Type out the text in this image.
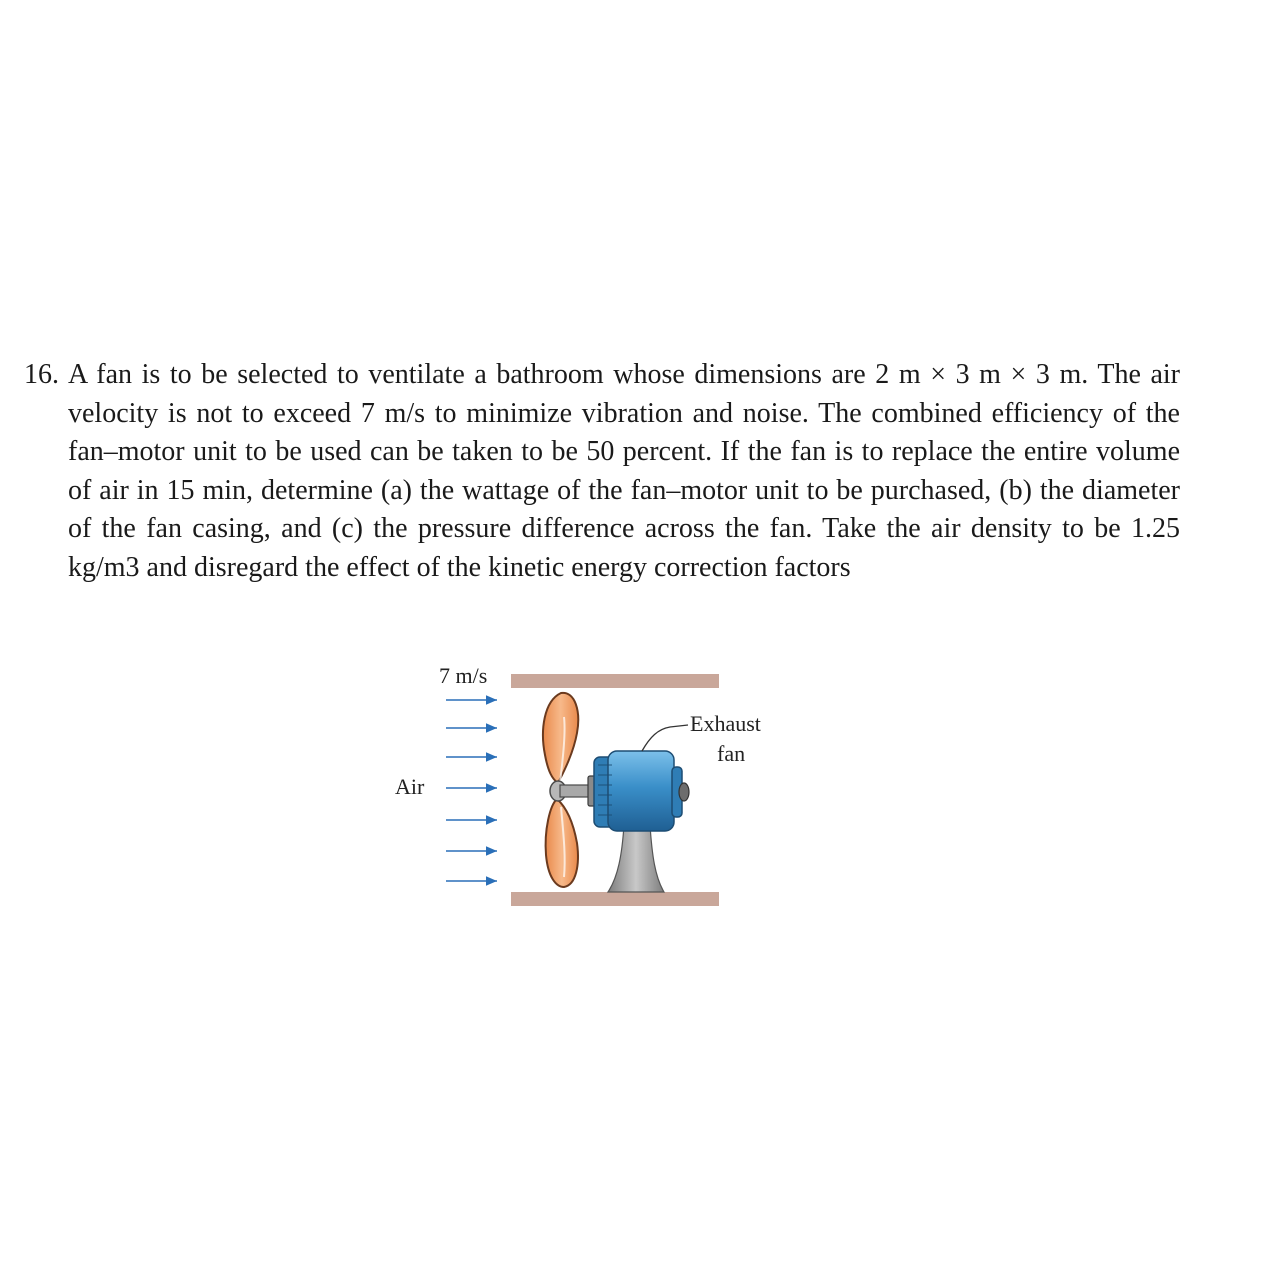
16. A fan is to be selected to ventilate a bathroom whose dimensions are 2 m × 3 m × 3 m. The air velocity is not to exceed 7 m/s to minimize vibration and noise. The combined efficiency of the fan–motor unit to be used can be taken to be 50 percent. If the fan is to replace the entire volume of air in 15 min, determine (a) the wattage of the fan–motor unit to be purchased, (b) the diameter of the fan casing, and (c) the pressure difference across the fan. Take the air density to be 1.25 kg/m3 and disregard the effect of the kinetic energy correction factors
7 m/s
Air
Exhaust
fan
